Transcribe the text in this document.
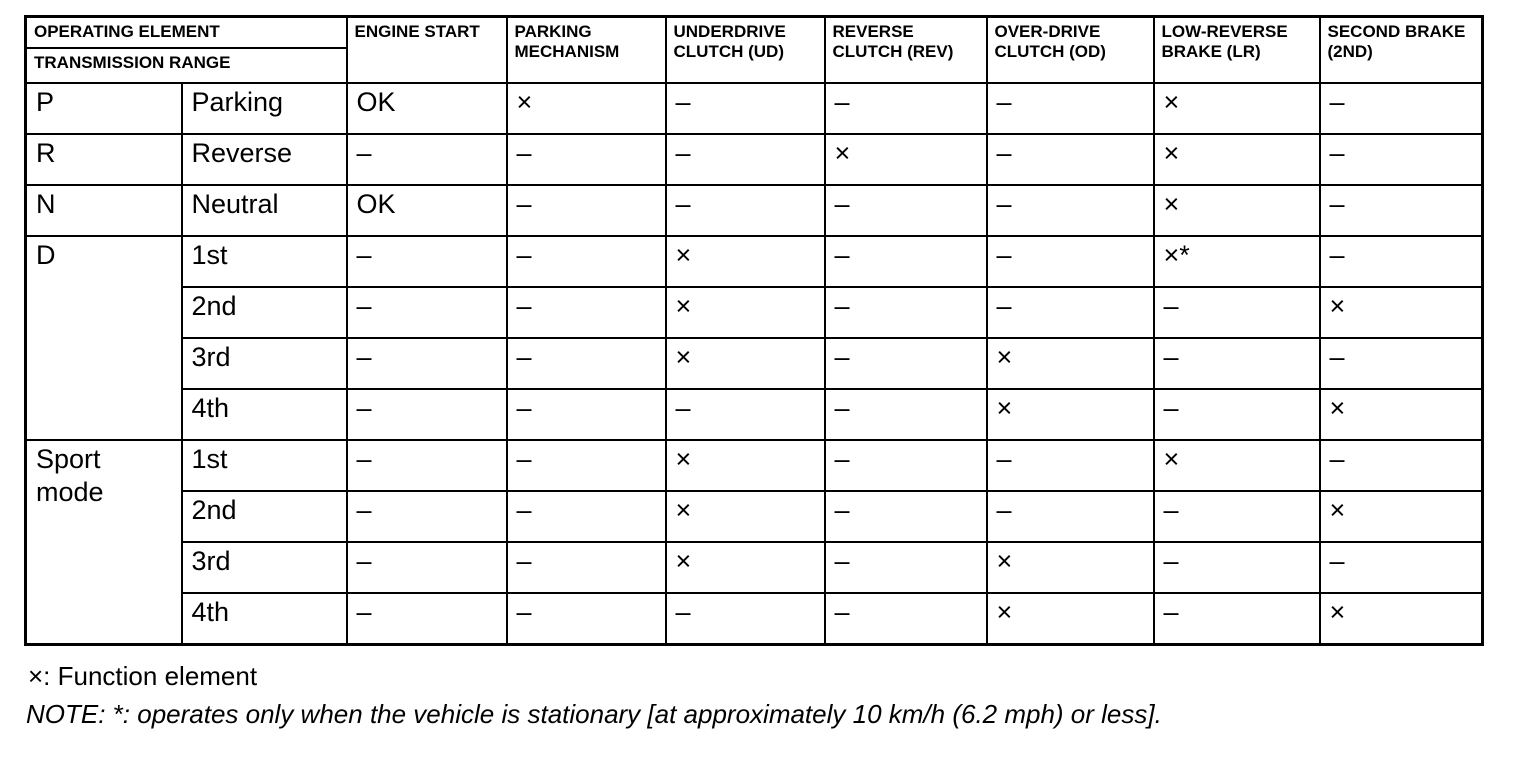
OPERATING ELEMENT		ENGINE START	PARKING MECHANISM	UNDERDRIVE CLUTCH (UD)	REVERSE CLUTCH (REV)	OVER-DRIVE CLUTCH (OD)	LOW-REVERSE BRAKE (LR)	SECOND BRAKE (2ND)
TRANSMISSION RANGE								
P	Parking	OK	×	–	–	–	×	–
R	Reverse	–	–	–	×	–	×	–
N	Neutral	OK	–	–	–	–	×	–
D	1st	–	–	×	–	–	×*	–
	2nd	–	–	×	–	–	–	×
	3rd	–	–	×	–	×	–	–
	4th	–	–	–	–	×	–	×
Sport mode	1st	–	–	×	–	–	×	–
	2nd	–	–	×	–	–	–	×
	3rd	–	–	×	–	×	–	–
	4th	–	–	–	–	×	–	×
×: Function element
NOTE: *: operates only when the vehicle is stationary [at approximately 10 km/h (6.2 mph) or less].
